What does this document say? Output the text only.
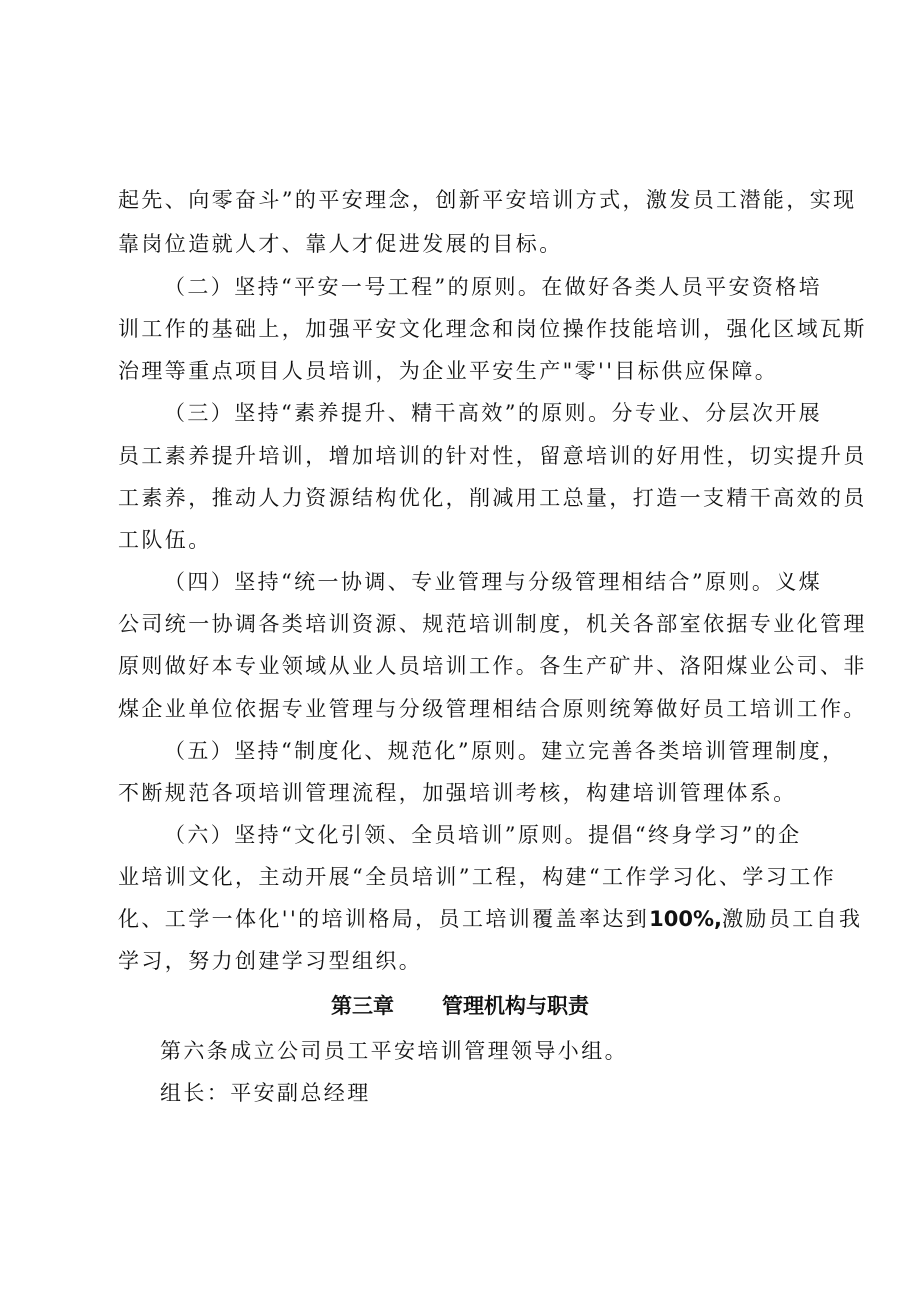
起先、向零奋斗”的平安理念，创新平安培训方式，激发员工潜能，实现
靠岗位造就人才、靠人才促进发展的目标。
（二）坚持“平安一号工程”的原则。在做好各类人员平安资格培
训工作的基础上，加强平安文化理念和岗位操作技能培训，强化区域瓦斯
治理等重点项目人员培训，为企业平安生产"零''目标供应保障。
（三）坚持“素养提升、精干高效”的原则。分专业、分层次开展
员工素养提升培训，增加培训的针对性，留意培训的好用性，切实提升员
工素养，推动人力资源结构优化，削减用工总量，打造一支精干高效的员
工队伍。
（四）坚持“统一协调、专业管理与分级管理相结合”原则。义煤
公司统一协调各类培训资源、规范培训制度，机关各部室依据专业化管理
原则做好本专业领域从业人员培训工作。各生产矿井、洛阳煤业公司、非
煤企业单位依据专业管理与分级管理相结合原则统筹做好员工培训工作。
（五）坚持“制度化、规范化”原则。建立完善各类培训管理制度，
不断规范各项培训管理流程，加强培训考核，构建培训管理体系。
（六）坚持“文化引领、全员培训”原则。提倡“终身学习”的企
业培训文化，主动开展“全员培训”工程，构建“工作学习化、学习工作
化、工学一体化''的培训格局，员工培训覆盖率达到100%,激励员工自我
学习，努力创建学习型组织。
第三章 管理机构与职责
第六条成立公司员工平安培训管理领导小组。
组长：平安副总经理
